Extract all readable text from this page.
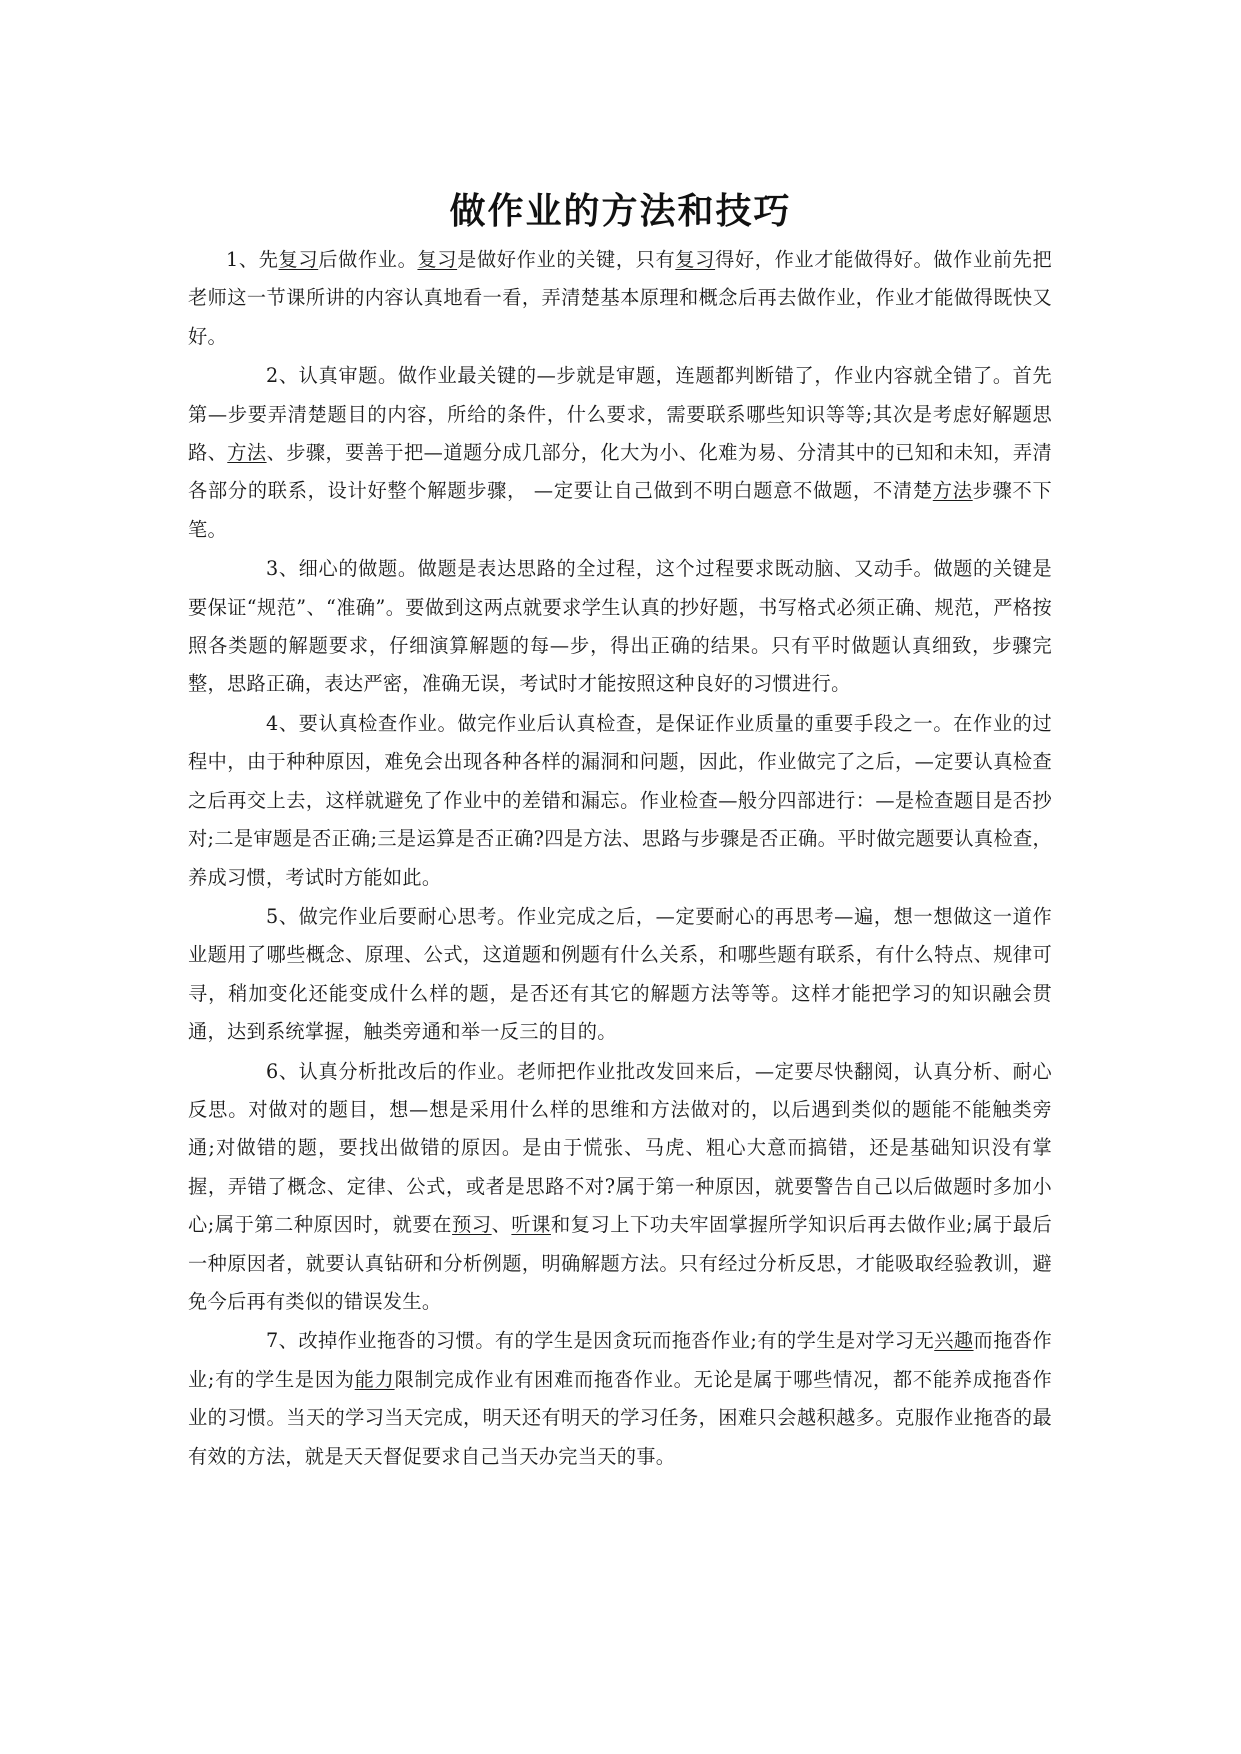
做作业的方法和技巧

1、先复习后做作业。复习是做好作业的关键，只有复习得好，作业才能做得好。做作业前先把老师这一节课所讲的内容认真地看一看，弄清楚基本原理和概念后再去做作业，作业才能做得既快又好。

2、认真审题。做作业最关键的—步就是审题，连题都判断错了，作业内容就全错了。首先第—步要弄清楚题目的内容，所给的条件，什么要求，需要联系哪些知识等等;其次是考虑好解题思路、方法、步骤，要善于把—道题分成几部分，化大为小、化难为易、分清其中的已知和未知，弄清各部分的联系，设计好整个解题步骤， —定要让自己做到不明白题意不做题，不清楚方法步骤不下笔。

3、细心的做题。做题是表达思路的全过程，这个过程要求既动脑、又动手。做题的关键是要保证“规范”、“准确”。要做到这两点就要求学生认真的抄好题，书写格式必须正确、规范，严格按照各类题的解题要求，仔细演算解题的每—步，得出正确的结果。只有平时做题认真细致，步骤完整，思路正确，表达严密，准确无误，考试时才能按照这种良好的习惯进行。

4、要认真检查作业。做完作业后认真检查，是保证作业质量的重要手段之一。在作业的过程中，由于种种原因，难免会出现各种各样的漏洞和问题，因此，作业做完了之后，—定要认真检查之后再交上去，这样就避免了作业中的差错和漏忘。作业检查—般分四部进行：—是检查题目是否抄对;二是审题是否正确;三是运算是否正确?四是方法、思路与步骤是否正确。平时做完题要认真检查，养成习惯，考试时方能如此。

5、做完作业后要耐心思考。作业完成之后，—定要耐心的再思考—遍，想一想做这一道作业题用了哪些概念、原理、公式，这道题和例题有什么关系，和哪些题有联系，有什么特点、规律可寻，稍加变化还能变成什么样的题，是否还有其它的解题方法等等。这样才能把学习的知识融会贯通，达到系统掌握，触类旁通和举一反三的目的。

6、认真分析批改后的作业。老师把作业批改发回来后，—定要尽快翻阅，认真分析、耐心反思。对做对的题目，想—想是采用什么样的思维和方法做对的，以后遇到类似的题能不能触类旁通;对做错的题，要找出做错的原因。是由于慌张、马虎、粗心大意而搞错，还是基础知识没有掌握，弄错了概念、定律、公式，或者是思路不对?属于第一种原因，就要警告自己以后做题时多加小心;属于第二种原因时，就要在预习、听课和复习上下功夫牢固掌握所学知识后再去做作业;属于最后一种原因者，就要认真钻研和分析例题，明确解题方法。只有经过分析反思，才能吸取经验教训，避免今后再有类似的错误发生。

7、改掉作业拖沓的习惯。有的学生是因贪玩而拖沓作业;有的学生是对学习无兴趣而拖沓作业;有的学生是因为能力限制完成作业有困难而拖沓作业。无论是属于哪些情况，都不能养成拖沓作业的习惯。当天的学习当天完成，明天还有明天的学习任务，困难只会越积越多。克服作业拖沓的最有效的方法，就是天天督促要求自己当天办完当天的事。
